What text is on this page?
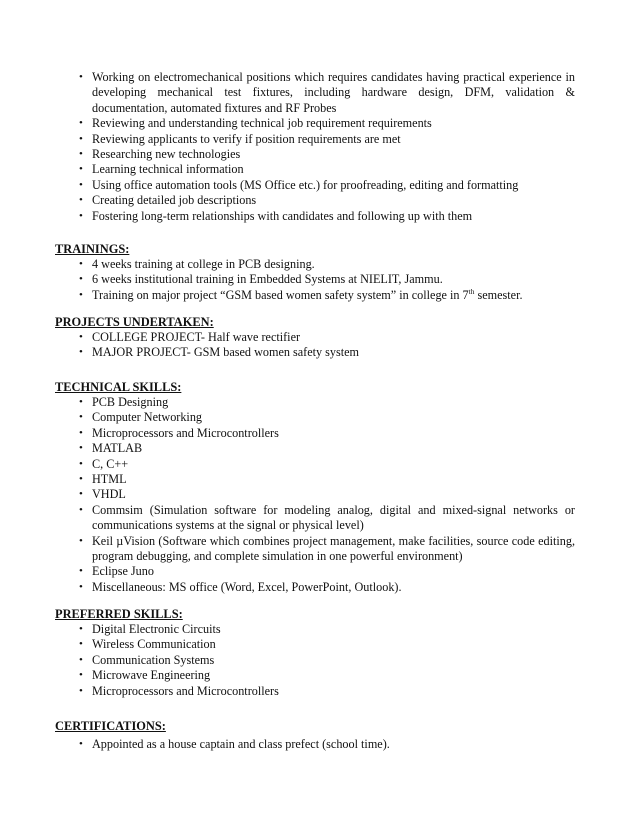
• Working on electromechanical positions which requires candidates having practical experience in developing mechanical test fixtures, including hardware design, DFM, validation & documentation, automated fixtures and RF Probes
• Reviewing and understanding technical job requirement requirements
• Reviewing applicants to verify if position requirements are met
• Researching new technologies
• Learning technical information
• Using office automation tools (MS Office etc.) for proofreading, editing and formatting
• Creating detailed job descriptions
• Fostering long-term relationships with candidates and following up with them
TRAININGS:
• 4 weeks training at college in PCB designing.
• 6 weeks institutional training in Embedded Systems at NIELIT, Jammu.
• Training on major project “GSM based women safety system” in college in 7th semester.
PROJECTS UNDERTAKEN:
• COLLEGE PROJECT- Half wave rectifier
• MAJOR PROJECT- GSM based women safety system
TECHNICAL SKILLS:
• PCB Designing
• Computer Networking
• Microprocessors and Microcontrollers
• MATLAB
• C, C++
• HTML
• VHDL
• Commsim (Simulation software for modeling analog, digital and mixed-signal networks or communications systems at the signal or physical level)
• Keil µVision (Software which combines project management, make facilities, source code editing, program debugging, and complete simulation in one powerful environment)
• Eclipse Juno
• Miscellaneous: MS office (Word, Excel, PowerPoint, Outlook).
PREFERRED SKILLS:
• Digital Electronic Circuits
• Wireless Communication
• Communication Systems
• Microwave Engineering
• Microprocessors and Microcontrollers
CERTIFICATIONS:
• Appointed as a house captain and class prefect (school time).
